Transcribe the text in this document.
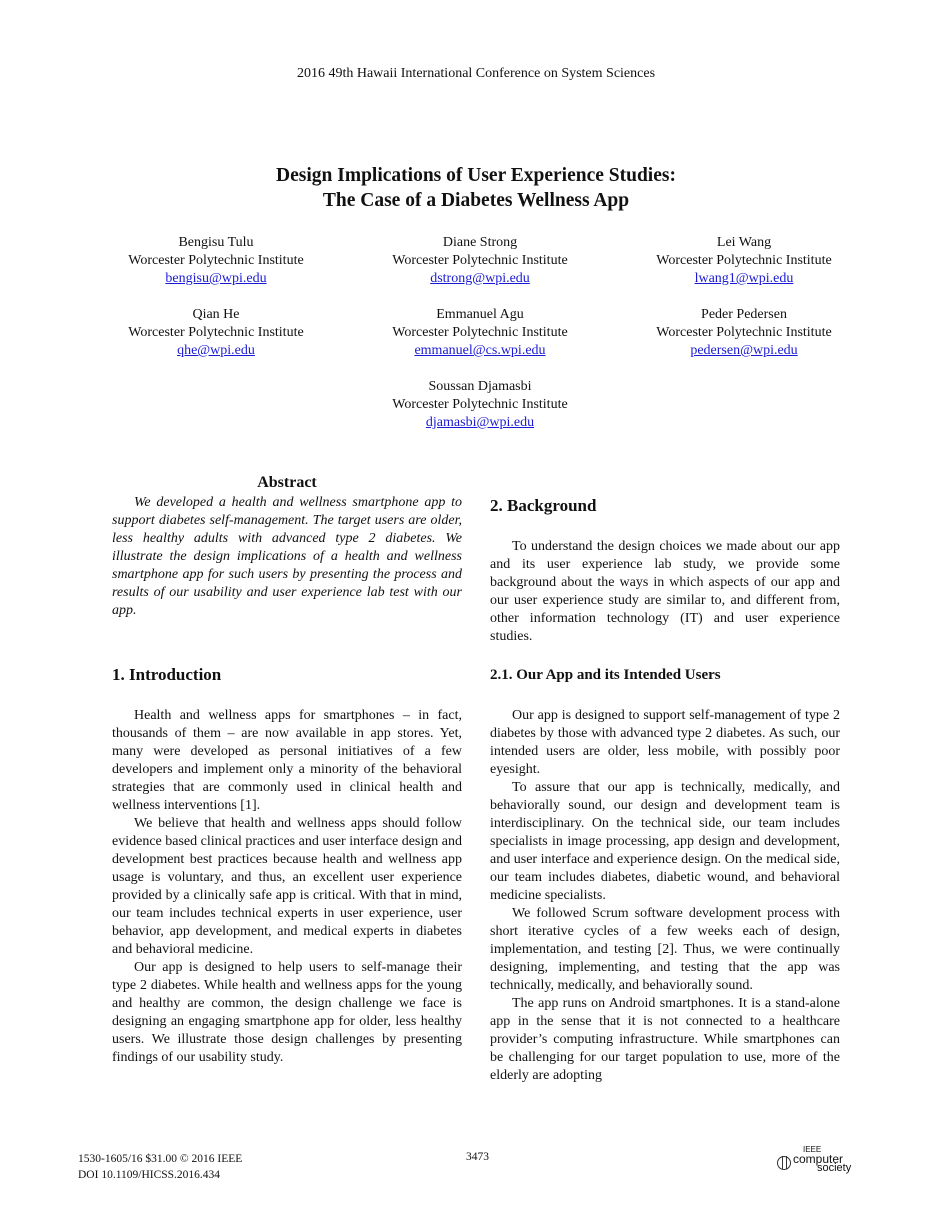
2016 49th Hawaii International Conference on System Sciences
Design Implications of User Experience Studies:
The Case of a Diabetes Wellness App
Bengisu Tulu
Worcester Polytechnic Institute
bengisu@wpi.edu
Diane Strong
Worcester Polytechnic Institute
dstrong@wpi.edu
Lei Wang
Worcester Polytechnic Institute
lwang1@wpi.edu
Qian He
Worcester Polytechnic Institute
qhe@wpi.edu
Emmanuel Agu
Worcester Polytechnic Institute
emmanuel@cs.wpi.edu
Peder Pedersen
Worcester Polytechnic Institute
pedersen@wpi.edu
Soussan Djamasbi
Worcester Polytechnic Institute
djamasbi@wpi.edu
Abstract

We developed a health and wellness smartphone app to support diabetes self-management. The target users are older, less healthy adults with advanced type 2 diabetes. We illustrate the design implications of a health and wellness smartphone app for such users by presenting the process and results of our usability and user experience lab test with our app.

1. Introduction

Health and wellness apps for smartphones – in fact, thousands of them – are now available in app stores. Yet, many were developed as personal initiatives of a few developers and implement only a minority of the behavioral strategies that are commonly used in clinical health and wellness interventions [1].

We believe that health and wellness apps should follow evidence based clinical practices and user interface design and development best practices because health and wellness app usage is voluntary, and thus, an excellent user experience provided by a clinically safe app is critical. With that in mind, our team includes technical experts in user experience, user behavior, app development, and medical experts in diabetes and behavioral medicine.

Our app is designed to help users to self-manage their type 2 diabetes. While health and wellness apps for the young and healthy are common, the design challenge we face is designing an engaging smartphone app for older, less healthy users. We illustrate those design challenges by presenting findings of our usability study.

2. Background

To understand the design choices we made about our app and its user experience lab study, we provide some background about the ways in which aspects of our app and our user experience study are similar to, and different from, other information technology (IT) and user experience studies.

2.1. Our App and its Intended Users

Our app is designed to support self-management of type 2 diabetes by those with advanced type 2 diabetes. As such, our intended users are older, less mobile, with possibly poor eyesight.

To assure that our app is technically, medically, and behaviorally sound, our design and development team is interdisciplinary. On the technical side, our team includes specialists in image processing, app design and development, and user interface and experience design. On the medical side, our team includes diabetes, diabetic wound, and behavioral medicine specialists.

We followed Scrum software development process with short iterative cycles of a few weeks each of design, implementation, and testing [2]. Thus, we were continually designing, implementing, and testing that the app was technically, medically, and behaviorally sound.

The app runs on Android smartphones. It is a stand-alone app in the sense that it is not connected to a healthcare provider’s computing infrastructure. While smartphones can be challenging for our target population to use, more of the elderly are adopting

1530-1605/16 $31.00 © 2016 IEEE
DOI 10.1109/HICSS.2016.434
3473
IEEE
computer
society
